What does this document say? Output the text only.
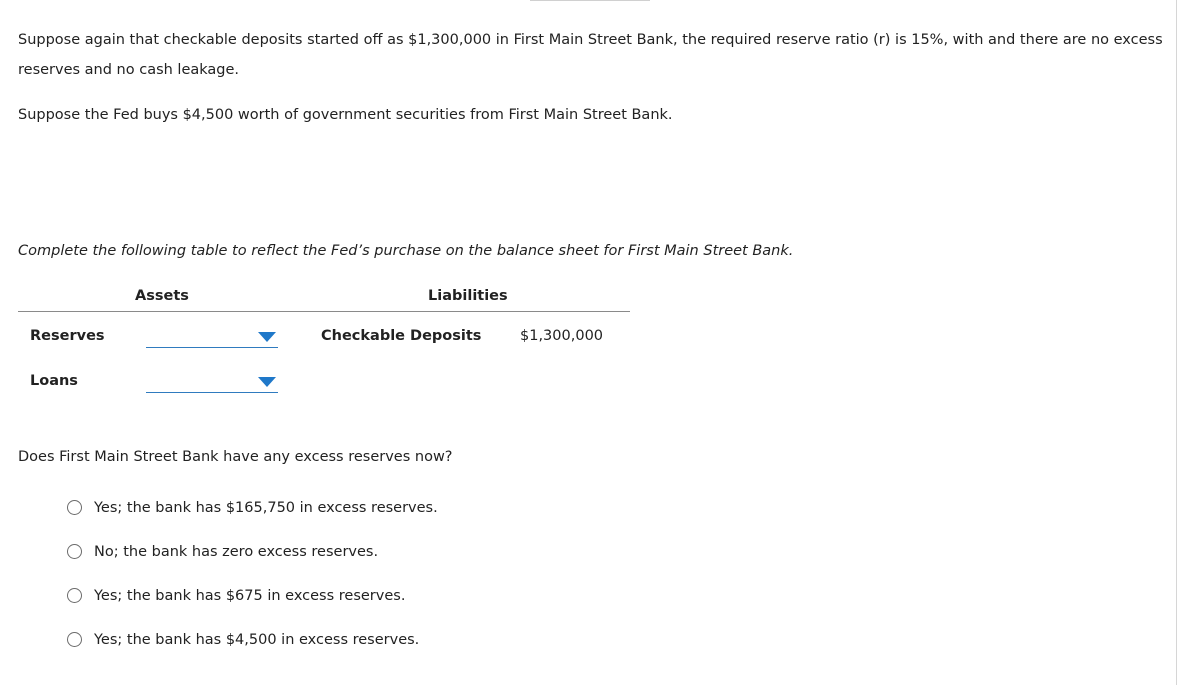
Suppose again that checkable deposits started off as $1,300,000 in First Main Street Bank, the required reserve ratio (r) is 15%, with and there are no excess reserves and no cash leakage.
Suppose the Fed buys $4,500 worth of government securities from First Main Street Bank.
Complete the following table to reflect the Fed’s purchase on the balance sheet for First Main Street Bank.
Assets	Liabilities
Reserves
Loans
Checkable Deposits	$1,300,000
Does First Main Street Bank have any excess reserves now?
Yes; the bank has $165,750 in excess reserves.
No; the bank has zero excess reserves.
Yes; the bank has $675 in excess reserves.
Yes; the bank has $4,500 in excess reserves.
